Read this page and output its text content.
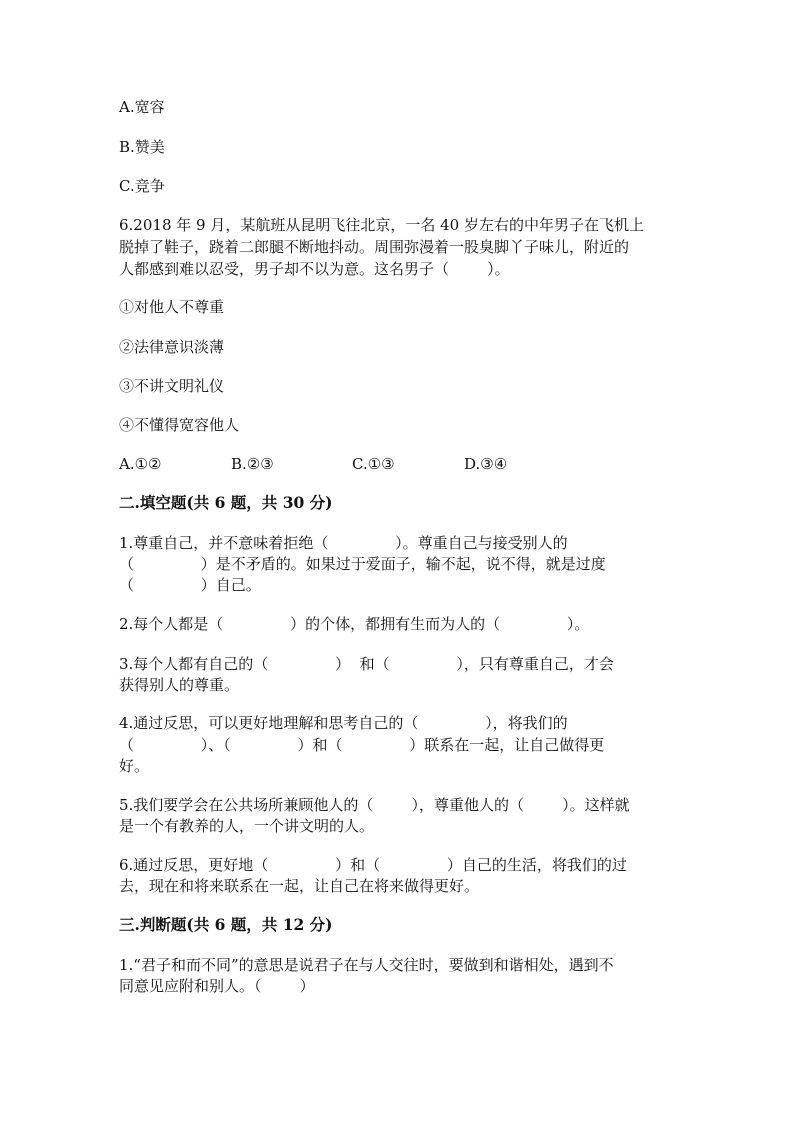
A.宽容
B.赞美
C.竞争
6.2018 年 9 月，某航班从昆明飞往北京，一名 40 岁左右的中年男子在飞机上
脱掉了鞋子，跷着二郎腿不断地抖动。周围弥漫着一股臭脚丫子味儿，附近的
人都感到难以忍受，男子却不以为意。这名男子（        ）。
①对他人不尊重
②法律意识淡薄
③不讲文明礼仪
④不懂得宽容他人

A.①②

	B.②③

	C.①③

	D.③④

二.填空题(共 6 题，共 30 分)
1.尊重自己，并不意味着拒绝（              ）。尊重自己与接受别人的
（              ）是不矛盾的。如果过于爱面子，输不起，说不得，就是过度
（              ）自己。
2.每个人都是（              ）的个体，都拥有生而为人的（              ）。
3.每个人都有自己的（              ）  和（              ），只有尊重自己，才会
获得别人的尊重。
4.通过反思，可以更好地理解和思考自己的（              ），将我们的
（              ）、（              ）和（              ）联系在一起，让自己做得更
好。
5.我们要学会在公共场所兼顾他人的（        ），尊重他人的（        ）。这样就
是一个有教养的人，一个讲文明的人。
6.通过反思，更好地（              ）和（              ）自己的生活，将我们的过
去，现在和将来联系在一起，让自己在将来做得更好。
三.判断题(共 6 题，共 12 分)
1.“君子和而不同”的意思是说君子在与人交往时，要做到和谐相处，遇到不
同意见应附和别人。（        ）
